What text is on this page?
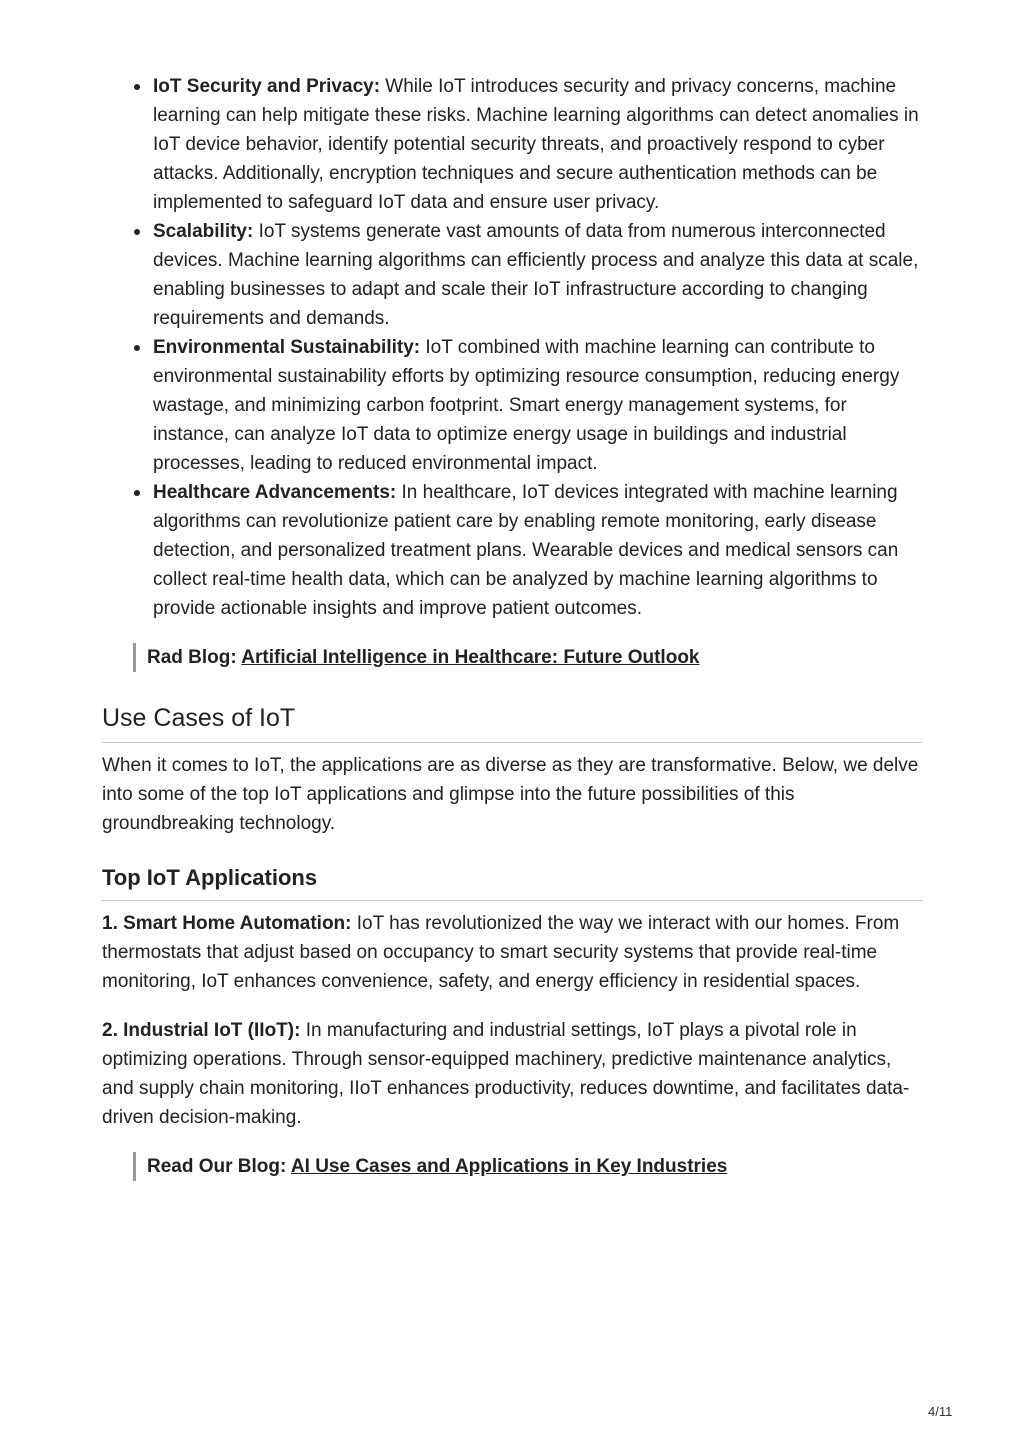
IoT Security and Privacy: While IoT introduces security and privacy concerns, machine learning can help mitigate these risks. Machine learning algorithms can detect anomalies in IoT device behavior, identify potential security threats, and proactively respond to cyber attacks. Additionally, encryption techniques and secure authentication methods can be implemented to safeguard IoT data and ensure user privacy.
Scalability: IoT systems generate vast amounts of data from numerous interconnected devices. Machine learning algorithms can efficiently process and analyze this data at scale, enabling businesses to adapt and scale their IoT infrastructure according to changing requirements and demands.
Environmental Sustainability: IoT combined with machine learning can contribute to environmental sustainability efforts by optimizing resource consumption, reducing energy wastage, and minimizing carbon footprint. Smart energy management systems, for instance, can analyze IoT data to optimize energy usage in buildings and industrial processes, leading to reduced environmental impact.
Healthcare Advancements: In healthcare, IoT devices integrated with machine learning algorithms can revolutionize patient care by enabling remote monitoring, early disease detection, and personalized treatment plans. Wearable devices and medical sensors can collect real-time health data, which can be analyzed by machine learning algorithms to provide actionable insights and improve patient outcomes.
Rad Blog: Artificial Intelligence in Healthcare: Future Outlook
Use Cases of IoT

When it comes to IoT, the applications are as diverse as they are transformative. Below, we delve into some of the top IoT applications and glimpse into the future possibilities of this groundbreaking technology.

Top IoT Applications

1. Smart Home Automation: IoT has revolutionized the way we interact with our homes. From thermostats that adjust based on occupancy to smart security systems that provide real-time monitoring, IoT enhances convenience, safety, and energy efficiency in residential spaces.

2. Industrial IoT (IIoT): In manufacturing and industrial settings, IoT plays a pivotal role in optimizing operations. Through sensor-equipped machinery, predictive maintenance analytics, and supply chain monitoring, IIoT enhances productivity, reduces downtime, and facilitates data-driven decision-making.

Read Our Blog: AI Use Cases and Applications in Key Industries
4/11
